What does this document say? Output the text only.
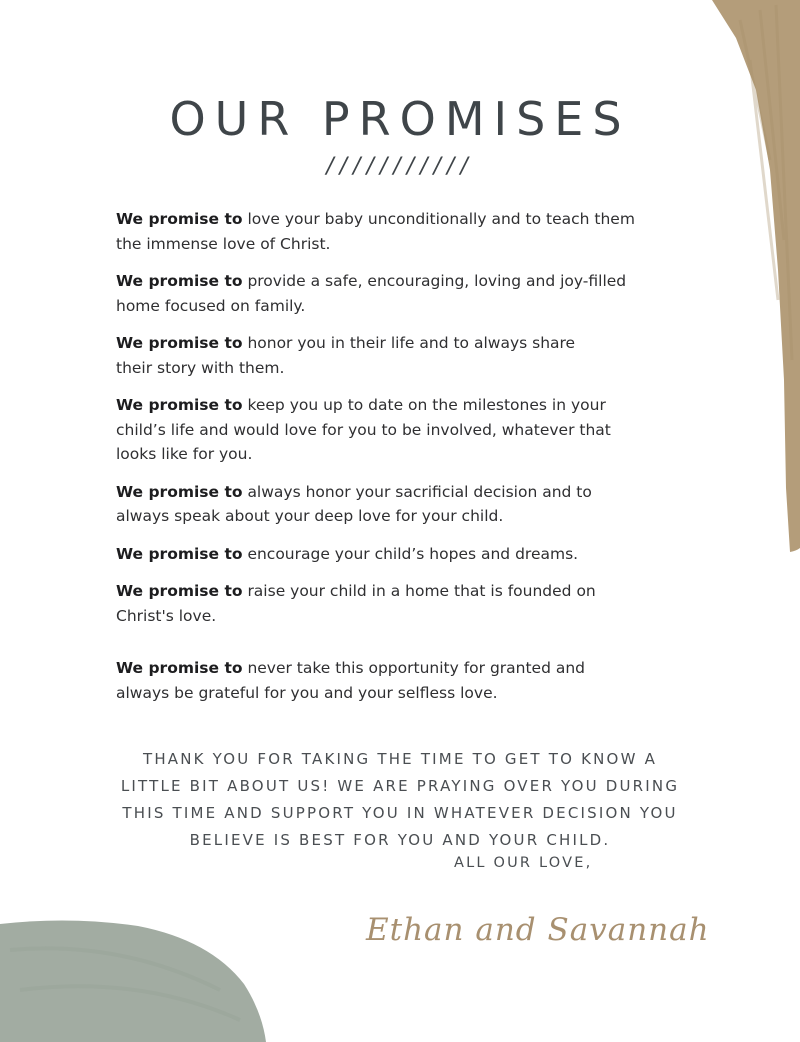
OUR PROMISES
///////////

We promise to love your baby unconditionally and to teach them
the immense love of Christ.

We promise to provide a safe, encouraging, loving and joy-filled
home focused on family.

We promise to honor you in their life and to always share
their story with them.

We promise to keep you up to date on the milestones in your
child’s life and would love for you to be involved, whatever that
looks like for you.

We promise to always honor your sacrificial decision and to
always speak about your deep love for your child.

We promise to encourage your child’s hopes and dreams.

We promise to raise your child in a home that is founded on
Christ's love.

We promise to never take this opportunity for granted and
always be grateful for you and your selfless love.

THANK YOU FOR TAKING THE TIME TO GET TO KNOW A
LITTLE BIT ABOUT US! WE ARE PRAYING OVER YOU DURING
THIS TIME AND SUPPORT YOU IN WHATEVER DECISION YOU
BELIEVE IS BEST FOR YOU AND YOUR CHILD.
ALL OUR LOVE,
Ethan and Savannah
